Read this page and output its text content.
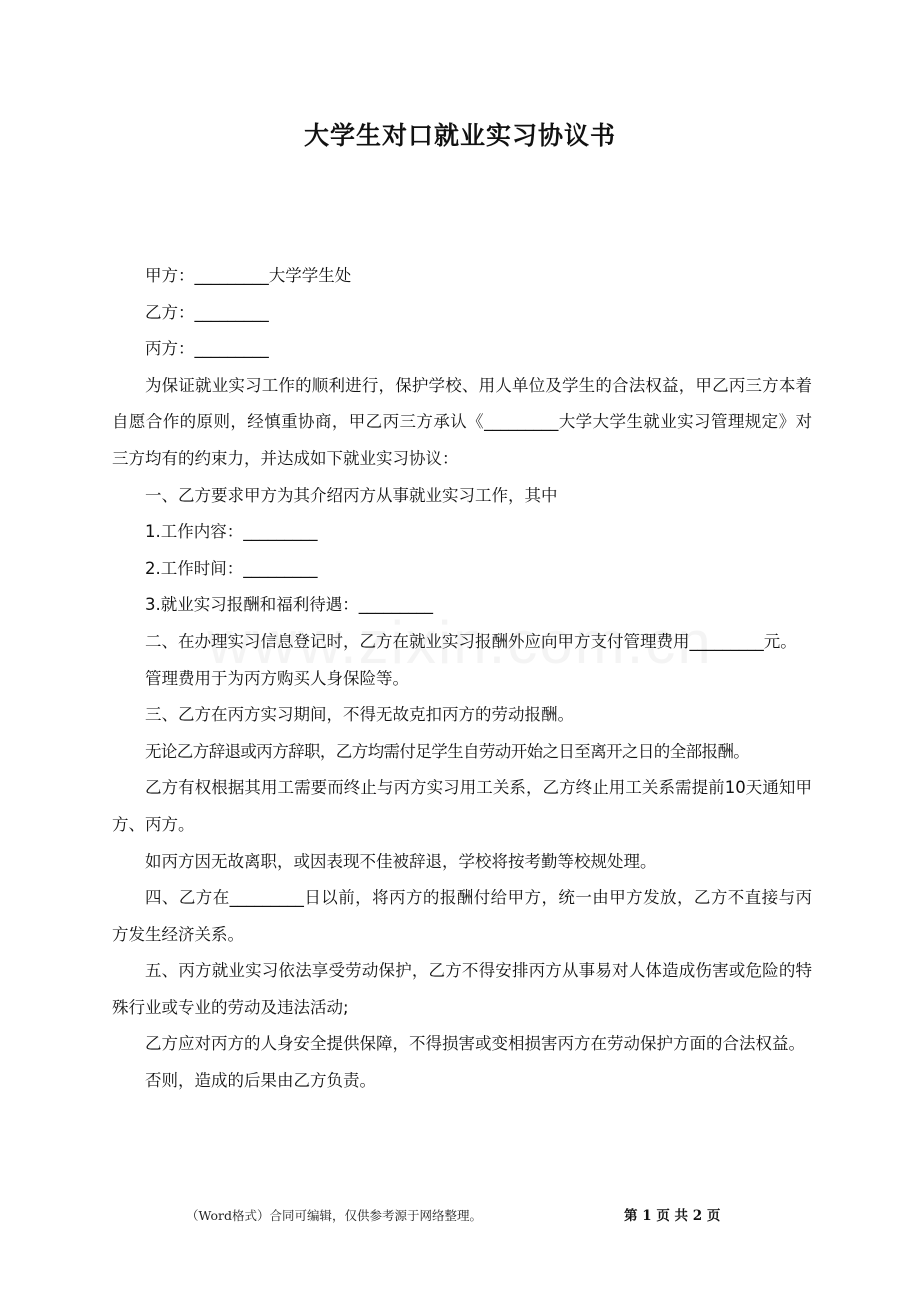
大学生对口就业实习协议书

甲方：_________大学学生处

乙方：_________

丙方：_________

为保证就业实习工作的顺利进行，保护学校、用人单位及学生的合法权益，甲乙丙三方本着自愿合作的原则，经慎重协商，甲乙丙三方承认《_________大学大学生就业实习管理规定》对三方均有的约束力，并达成如下就业实习协议：

一、乙方要求甲方为其介绍丙方从事就业实习工作，其中

1.工作内容：_________

2.工作时间：_________

3.就业实习报酬和福利待遇：_________

二、在办理实习信息登记时，乙方在就业实习报酬外应向甲方支付管理费用_________元。

管理费用于为丙方购买人身保险等。

三、乙方在丙方实习期间，不得无故克扣丙方的劳动报酬。

无论乙方辞退或丙方辞职，乙方均需付足学生自劳动开始之日至离开之日的全部报酬。

乙方有权根据其用工需要而终止与丙方实习用工关系，乙方终止用工关系需提前10天通知甲方、丙方。

如丙方因无故离职，或因表现不佳被辞退，学校将按考勤等校规处理。

四、乙方在_________日以前，将丙方的报酬付给甲方，统一由甲方发放，乙方不直接与丙方发生经济关系。

五、丙方就业实习依法享受劳动保护，乙方不得安排丙方从事易对人体造成伤害或危险的特殊行业或专业的劳动及违法活动;

乙方应对丙方的人身安全提供保障，不得损害或变相损害丙方在劳动保护方面的合法权益。

否则，造成的后果由乙方负责。

（Word格式）合同可编辑，仅供参考源于网络整理。	第 1 页 共 2 页
